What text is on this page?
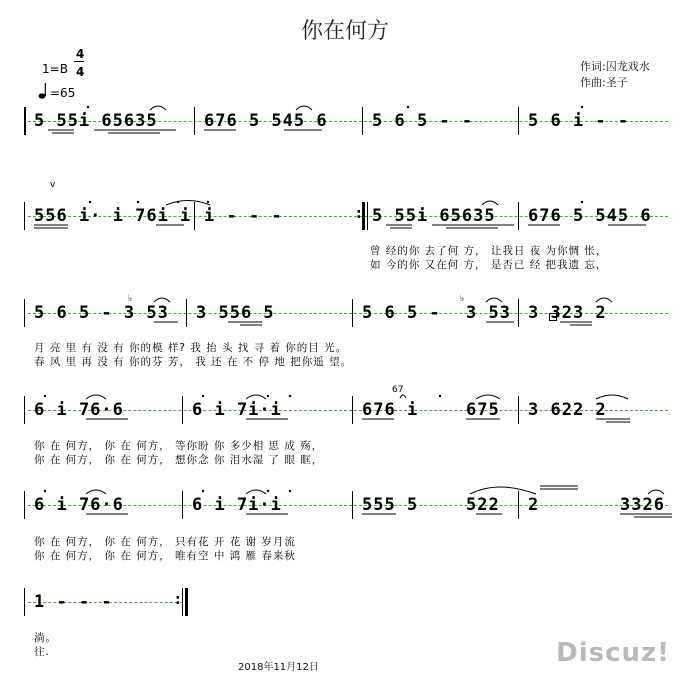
你在何方
1=B
4
4
=65
作词:囚龙戏水
作曲:圣子
5 55i 65635	676 5 545 6	5 6 5 - -	5 6 i - -
v
556 i· i 76i i i - - -	: 5 55i 65635 676 5 545 6
曾 经的你 去了何 方， 让我日 夜 为你惆 怅，
如 今的你 又在何 方， 是否已 经 把我遗 忘，
5 6 5 - 3 53
♭
3 556 5	5 6 5 -
♭
3 53 3 323 2
月 亮 里 有 没 有 你的模 样? 我 抬 头 找 寻 着 你的目 光。
春 风 里 再 没 有 你的芬 芳， 我 还 在 不 停 地 把你遥 望。
6 i 76·6	6 i 7i·i
67
676 i	675 3 622 2
你 在 何方， 你 在 何方， 等你盼 你 多少相 思 成 殇，
你 在 何方， 你 在 何方， 想你念 你 泪水湿 了 眼 眶，
6 i 76·6	6 i 7i·i	555 5	522 2	3326
你 在 何方， 你 在 何方， 只有花 开 花 谢 岁月流
你 在 何方， 你 在 何方， 唯有空 中 鸿 雁 春来秋
1 - - -	:
淌。
往.
2018年11月12日	Discuz!
